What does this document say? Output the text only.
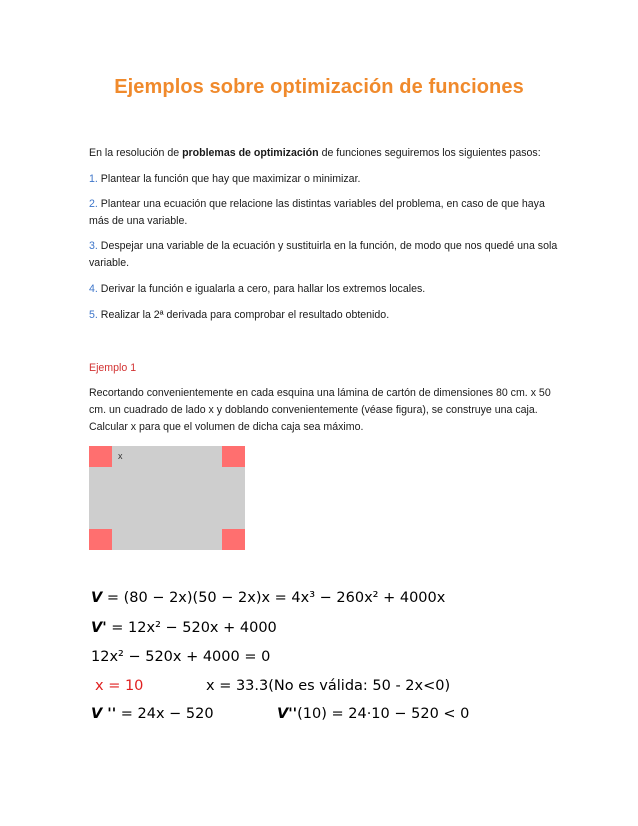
Ejemplos sobre optimización de funciones

En la resolución de problemas de optimización de funciones seguiremos los siguientes pasos:

1. Plantear la función que hay que maximizar o minimizar.

2. Plantear una ecuación que relacione las distintas variables del problema, en caso de que haya más de una variable.

3. Despejar una variable de la ecuación y sustituirla en la función, de modo que nos quedé una sola variable.

4. Derivar la función e igualarla a cero, para hallar los extremos locales.

5. Realizar la 2ª derivada para comprobar el resultado obtenido.

Ejemplo 1

Recortando convenientemente en cada esquina una lámina de cartón de dimensiones 80 cm. x 50 cm. un cuadrado de lado x y doblando convenientemente (véase figura), se construye una caja. Calcular x para que el volumen de dicha caja sea máximo.

x
V = (80 − 2x)(50 − 2x)x = 4x³ − 260x² + 4000x
V' = 12x² − 520x + 4000
12x² − 520x + 4000 = 0
x = 10	x = 33.3(No es válida: 50 - 2x<0)
V '' = 24x − 520	V''(10) = 24·10 − 520 < 0
